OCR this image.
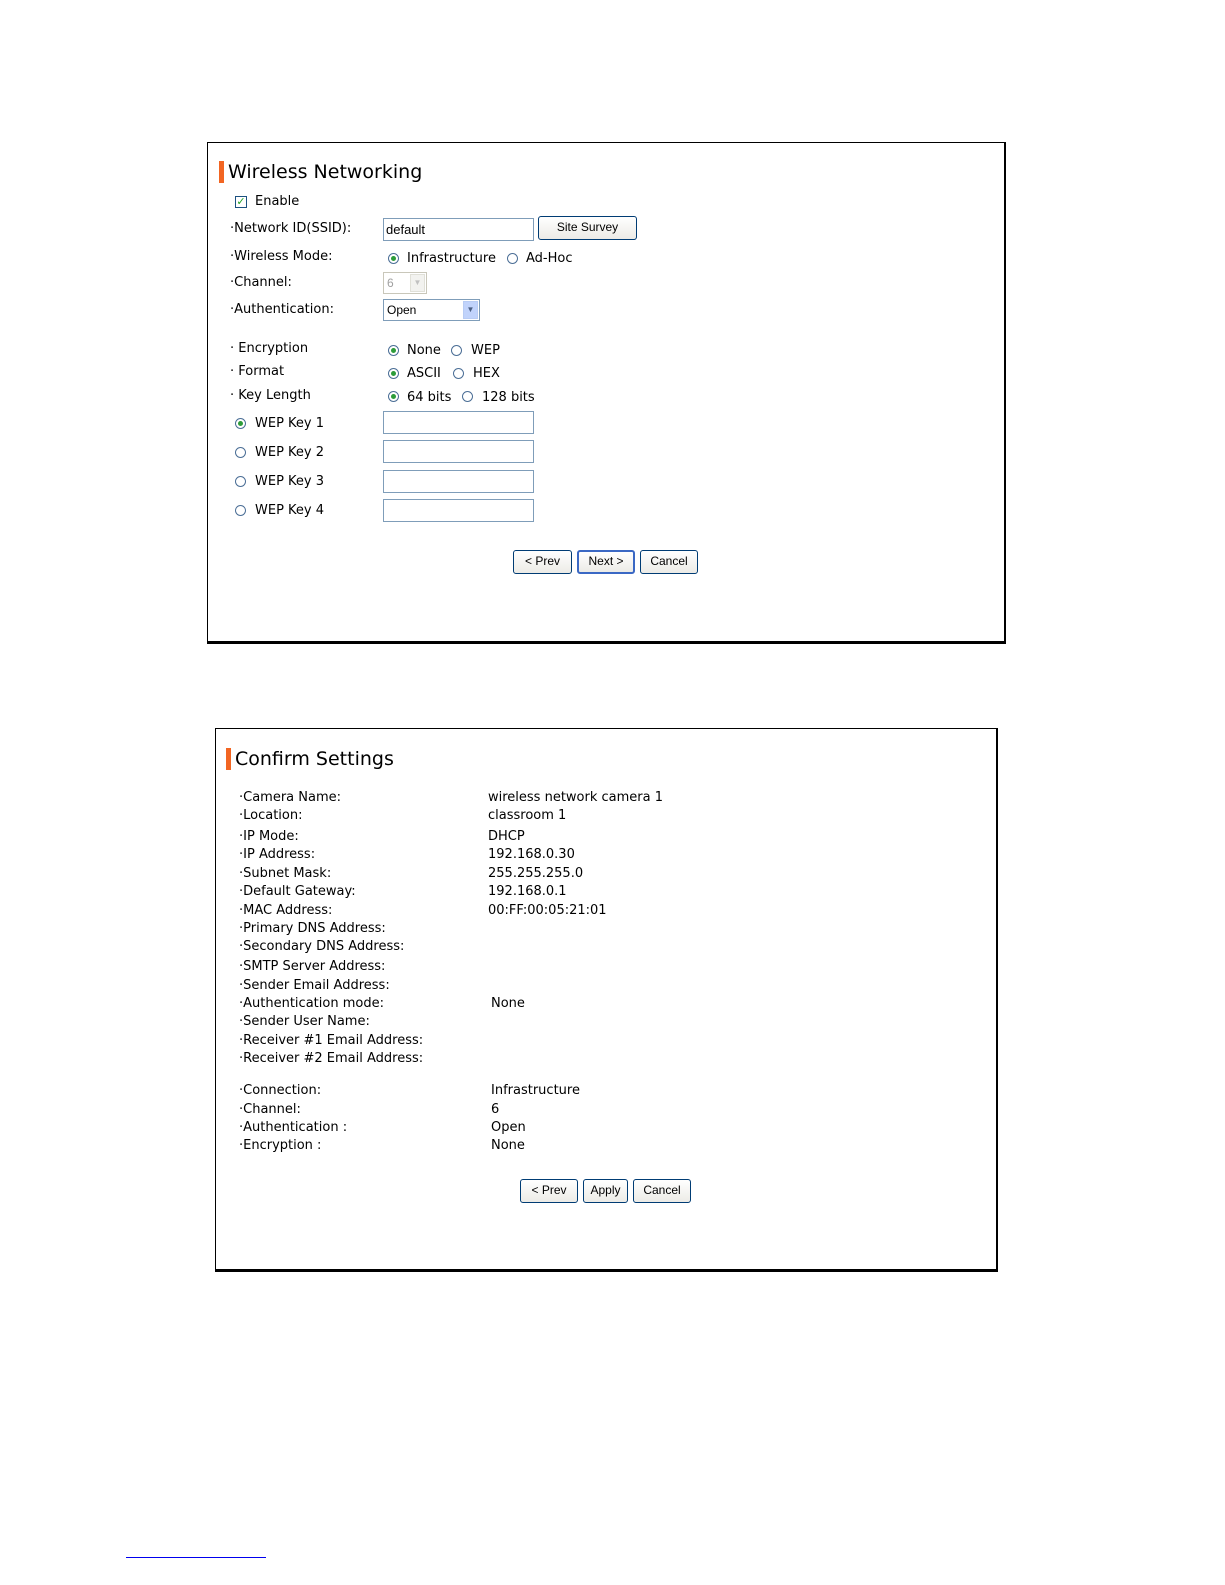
Wireless Networking
✓ Enable
·Network ID(SSID):	default	Site Survey
·Wireless Mode:	Infrastructure Ad-Hoc
·Channel:	6	▼
·Authentication:	Open	▼
· Encryption	None WEP
· Format	ASCII HEX
· Key Length	64 bits 128 bits
WEP Key 1
WEP Key 2
WEP Key 3
WEP Key 4
< Prev	Next >	Cancel
Confirm Settings
·Camera Name:	wireless network camera 1
·Location:	classroom 1
·IP Mode:	DHCP
·IP Address:	192.168.0.30
·Subnet Mask:	255.255.255.0
·Default Gateway:	192.168.0.1
·MAC Address:	00:FF:00:05:21:01
·Primary DNS Address:
·Secondary DNS Address:
·SMTP Server Address:
·Sender Email Address:
·Authentication mode:	None
·Sender User Name:
·Receiver #1 Email Address:
·Receiver #2 Email Address:
·Connection:	Infrastructure
·Channel:	6
·Authentication :	Open
·Encryption :	None
< Prev	Apply	Cancel
